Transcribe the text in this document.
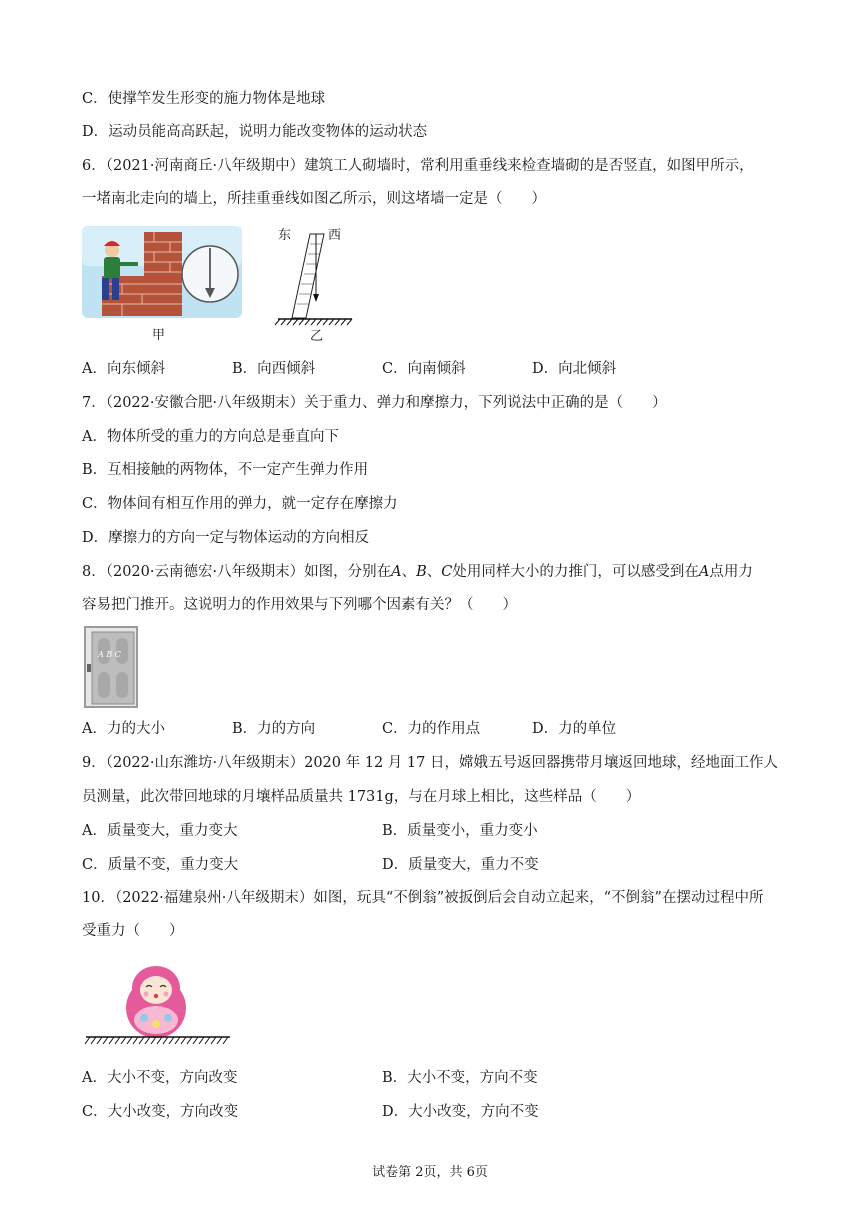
C．使撑竿发生形变的施力物体是地球
D．运动员能高高跃起，说明力能改变物体的运动状态
6．（2021·河南商丘·八年级期中）建筑工人砌墙时，常利用重垂线来检查墙砌的是否竖直，如图甲所示，
一堵南北走向的墙上，所挂重垂线如图乙所示，则这堵墙一定是（　　）
甲
东	西
乙
A．向东倾斜	B．向西倾斜	C．向南倾斜	D．向北倾斜
7．（2022·安徽合肥·八年级期末）关于重力、弹力和摩擦力，下列说法中正确的是（　　）
A．物体所受的重力的方向总是垂直向下
B．互相接触的两物体，不一定产生弹力作用
C．物体间有相互作用的弹力，就一定存在摩擦力
D．摩擦力的方向一定与物体运动的方向相反
8．（2020·云南德宏·八年级期末）如图，分别在A、B、C处用同样大小的力推门，可以感受到在A点用力
容易把门推开。这说明力的作用效果与下列哪个因素有关？（　　）
A B C
A．力的大小	B．力的方向	C．力的作用点	D．力的单位
9．（2022·山东潍坊·八年级期末）2020 年 12 月 17 日，嫦娥五号返回器携带月壤返回地球，经地面工作人
员测量，此次带回地球的月壤样品质量共 1731g，与在月球上相比，这些样品（　　）
A．质量变大，重力变大	B．质量变小，重力变小
C．质量不变，重力变大	D．质量变大，重力不变
10．（2022·福建泉州·八年级期末）如图，玩具“不倒翁”被扳倒后会自动立起来，“不倒翁”在摆动过程中所
受重力（　　）
A．大小不变，方向改变	B．大小不变，方向不变
C．大小改变，方向改变	D．大小改变，方向不变
试卷第 2页，共 6页
